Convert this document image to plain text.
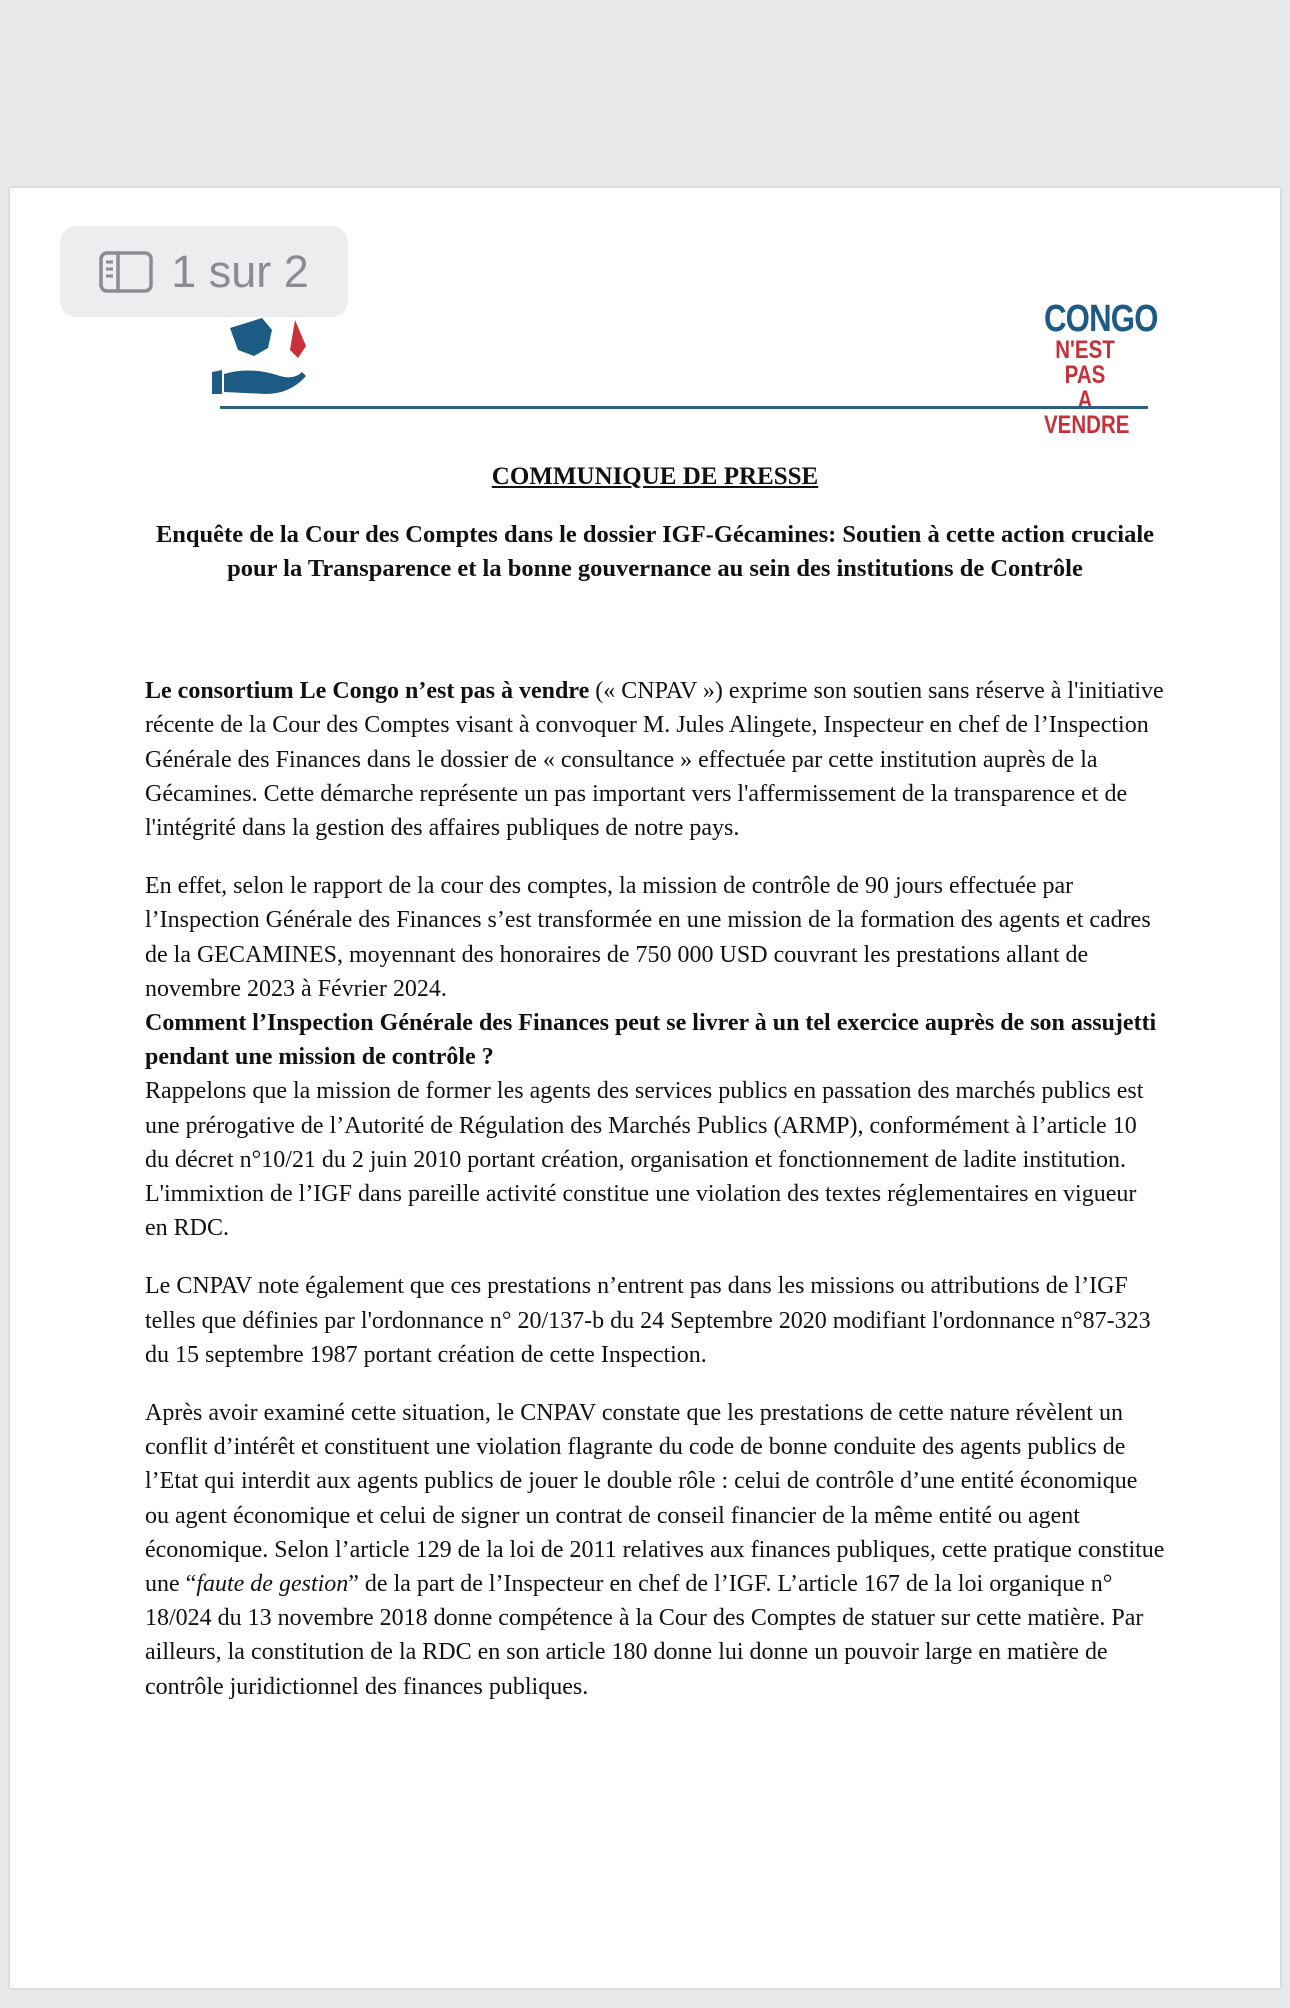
1 sur 2
CONGO
N'EST PAS
A VENDRE
COMMUNIQUE DE PRESSE
Enquête de la Cour des Comptes dans le dossier IGF-Gécamines: Soutien à cette action cruciale pour la Transparence et la bonne gouvernance au sein des institutions de Contrôle

Le consortium Le Congo n’est pas à vendre (« CNPAV ») exprime son soutien sans réserve à l'initiative récente de la Cour des Comptes visant à convoquer M. Jules Alingete, Inspecteur en chef de l’Inspection Générale des Finances dans le dossier de « consultance » effectuée par cette institution auprès de la Gécamines. Cette démarche représente un pas important vers l'affermissement de la transparence et de l'intégrité dans la gestion des affaires publiques de notre pays.

En effet, selon le rapport de la cour des comptes, la mission de contrôle de 90 jours effectuée par l’Inspection Générale des Finances s’est transformée en une mission de la formation des agents et cadres de la GECAMINES, moyennant des honoraires de 750 000 USD couvrant les prestations allant de novembre 2023 à Février 2024.

Comment l’Inspection Générale des Finances peut se livrer à un tel exercice auprès de son assujetti pendant une mission de contrôle ?

Rappelons que la mission de former les agents des services publics en passation des marchés publics est une prérogative de l’Autorité de Régulation des Marchés Publics (ARMP), conformément à l’article 10 du décret n°10/21 du 2 juin 2010 portant création, organisation et fonctionnement de ladite institution. L'immixtion de l’IGF dans pareille activité constitue une violation des textes réglementaires en vigueur en RDC.

Le CNPAV note également que ces prestations n’entrent pas dans les missions ou attributions de l’IGF telles que définies par l'ordonnance n° 20/137-b du 24 Septembre 2020 modifiant l'ordonnance n°87-323 du 15 septembre 1987 portant création de cette Inspection.

Après avoir examiné cette situation, le CNPAV constate que les prestations de cette nature révèlent un conflit d’intérêt et constituent une violation flagrante du code de bonne conduite des agents publics de l’Etat qui interdit aux agents publics de jouer le double rôle : celui de contrôle d’une entité économique ou agent économique et celui de signer un contrat de conseil financier de la même entité ou agent économique. Selon l’article 129 de la loi de 2011 relatives aux finances publiques, cette pratique constitue une “faute de gestion” de la part de l’Inspecteur en chef de l’IGF. L’article 167 de la loi organique n° 18/024 du 13 novembre 2018 donne compétence à la Cour des Comptes de statuer sur cette matière. Par ailleurs, la constitution de la RDC en son article 180 donne lui donne un pouvoir large en matière de contrôle juridictionnel des finances publiques.
